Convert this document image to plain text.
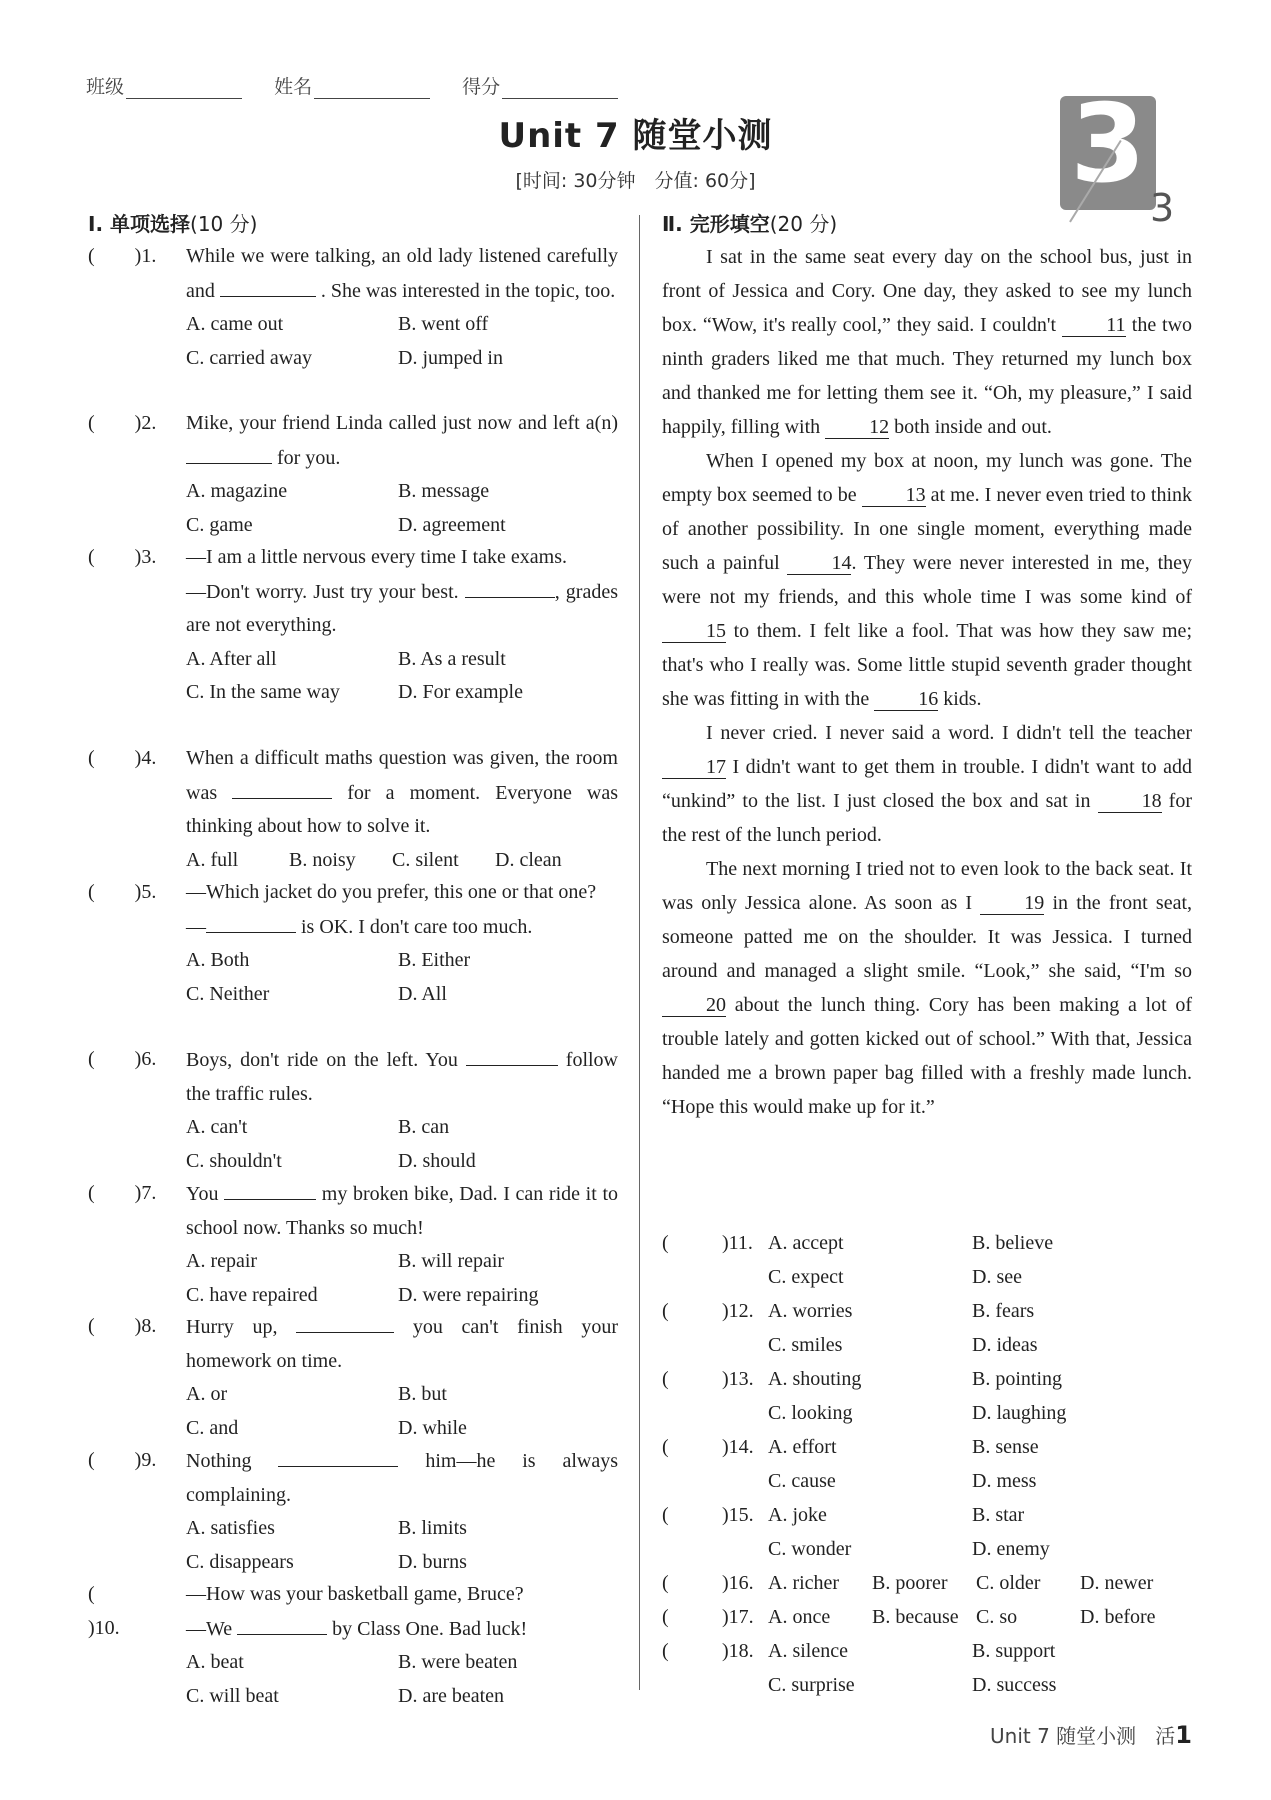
班级	姓名	得分
Unit 7 随堂小测
[时间: 30分钟　分值: 60分]	3
3
Ⅰ. 单项选择(10 分)
(　　)1. While we were talking, an old lady listened carefully and	. She was interested in the topic, too.
A. came out	B. went off
C. carried away	D. jumped in
(　　)2. Mike, your friend Linda called just now and left a(n)  for you.
A. magazine	B. message
C. game	D. agreement
(　　)3. —I am a little nervous every time I take exams.
—Don't worry. Just try your best.	, grades are not everything.
A. After all	B. As a result
C. In the same way	D. For example
(　　)4. When a difficult maths question was given, the room was	for a moment. Everyone was thinking about how to solve it.
A. full	B. noisy C. silent D. clean
(　　)5. —Which jacket do you prefer, this one or that one?
—	is OK. I don't care too much.
A. Both	B. Either
C. Neither	D. All
(　　)6. Boys, don't ride on the left. You	follow the traffic rules.
A. can't	B. can
C. shouldn't	D. should
(　　)7. You	my broken bike, Dad. I can ride it to school now. Thanks so much!
A. repair	B. will repair
C. have repaired	D. were repairing
(　　)8. Hurry up,	you can't finish your homework on time.
A. or	B. but
C. and	D. while
(　　)9. Nothing	him—he is always complaining.
A. satisfies	B. limits
C. disappears	D. burns
(　　)10.
—How was your basketball game, Bruce?
—We	by Class One. Bad luck!
A. beat	B. were beaten
C. will beat	D. are beaten
Ⅱ. 完形填空(20 分)

I sat in the same seat every day on the school bus, just in front of Jessica and Cory. One day, they asked to see my lunch box. “Wow, it's really cool,” they said. I couldn't	11 the two ninth graders liked me that much. They returned my lunch box and thanked me for letting them see it. “Oh, my pleasure,” I said happily, filling with 12 both inside and out.

When I opened my box at noon, my lunch was gone. The empty box seemed to be 13 at me. I never even tried to think of another possibility. In one single moment, everything made such a painful	14. They were never interested in me, they were not my friends, and this whole time I was some kind of 15 to them. I felt like a fool. That was how they saw me; that's who I really was. Some little stupid seventh grader thought she was fitting in with the 16 kids.

I never cried. I never said a word. I didn't tell the teacher 17 I didn't want to get them in trouble. I didn't want to add “unkind” to the list. I just closed the box and sat in	18 for the rest of the lunch period.

The next morning I tried not to even look to the back seat. It was only Jessica alone. As soon as I	19 in the front seat, someone patted me on the shoulder. It was Jessica. I turned around and managed a slight smile. “Look,” she said, “I'm so 20 about the lunch thing. Cory has been making a lot of trouble lately and gotten kicked out of school.” With that, Jessica handed me a brown paper bag filled with a freshly made lunch. “Hope this would make up for it.”

(　　)11. A. accept	B. believe
C. expect	D. see
(　　)12. A. worries	B. fears
C. smiles	D. ideas
(　　)13. A. shouting	B. pointing
C. looking	D. laughing
(　　)14. A. effort	B. sense
C. cause	D. mess
(　　)15. A. joke	B. star
C. wonder	D. enemy
(　　)16. A. richer B. poorer C. older D. newer
(　　)17. A. once B. because C. so	D. before
(　　)18. A. silence	B. support
C. surprise	D. success
Unit 7 随堂小测 活1
